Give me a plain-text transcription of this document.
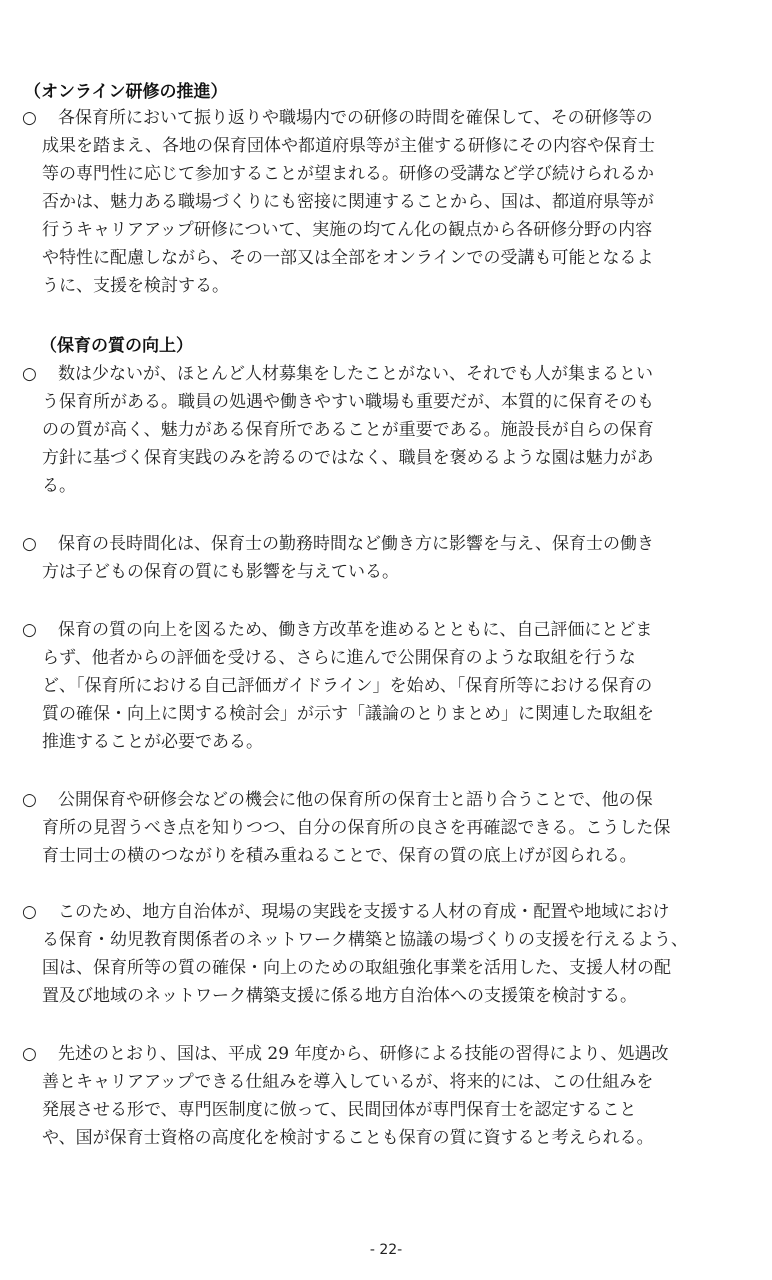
（オンライン研修の推進）
○	各保育所において振り返りや職場内での研修の時間を確保して、その研修等の
成果を踏まえ、各地の保育団体や都道府県等が主催する研修にその内容や保育士
等の専門性に応じて参加することが望まれる。研修の受講など学び続けられるか
否かは、魅力ある職場づくりにも密接に関連することから、国は、都道府県等が
行うキャリアアップ研修について、実施の均てん化の観点から各研修分野の内容
や特性に配慮しながら、その一部又は全部をオンラインでの受講も可能となるよ
うに、支援を検討する。
（保育の質の向上）
○	数は少ないが、ほとんど人材募集をしたことがない、それでも人が集まるとい
う保育所がある。職員の処遇や働きやすい職場も重要だが、本質的に保育そのも
のの質が高く、魅力がある保育所であることが重要である。施設長が自らの保育
方針に基づく保育実践のみを誇るのではなく、職員を褒めるような園は魅力があ
る。
○	保育の長時間化は、保育士の勤務時間など働き方に影響を与え、保育士の働き
方は子どもの保育の質にも影響を与えている。
○	保育の質の向上を図るため、働き方改革を進めるとともに、自己評価にとどま
らず、他者からの評価を受ける、さらに進んで公開保育のような取組を行うな
ど、「保育所における自己評価ガイドライン」を始め、「保育所等における保育の
質の確保・向上に関する検討会」が示す「議論のとりまとめ」に関連した取組を
推進することが必要である。
○	公開保育や研修会などの機会に他の保育所の保育士と語り合うことで、他の保
育所の見習うべき点を知りつつ、自分の保育所の良さを再確認できる。こうした保
育士同士の横のつながりを積み重ねることで、保育の質の底上げが図られる。
○	このため、地方自治体が、現場の実践を支援する人材の育成・配置や地域におけ
る保育・幼児教育関係者のネットワーク構築と協議の場づくりの支援を行えるよう、
国は、保育所等の質の確保・向上のための取組強化事業を活用した、支援人材の配
置及び地域のネットワーク構築支援に係る地方自治体への支援策を検討する。
○	先述のとおり、国は、平成 29 年度から、研修による技能の習得により、処遇改
善とキャリアアップできる仕組みを導入しているが、将来的には、この仕組みを
発展させる形で、専門医制度に倣って、民間団体が専門保育士を認定すること
や、国が保育士資格の高度化を検討することも保育の質に資すると考えられる。
- 22-
